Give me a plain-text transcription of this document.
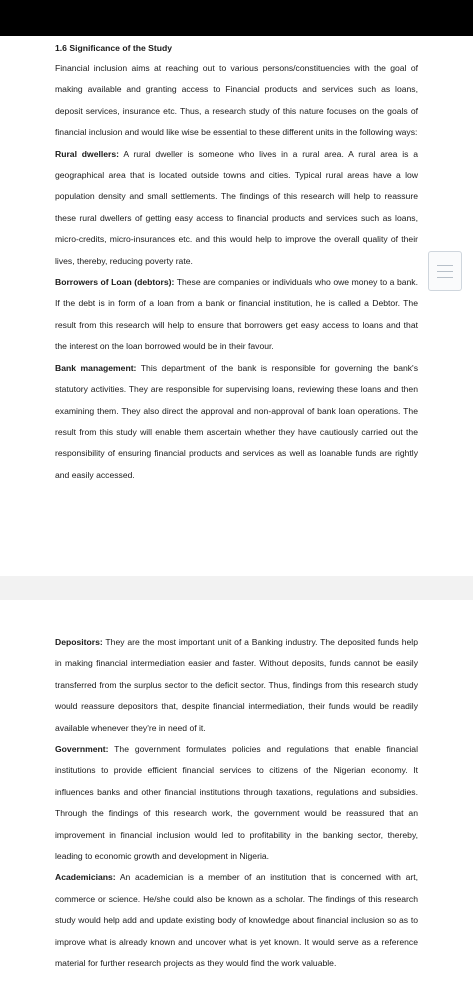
1.6 Significance of the Study

Financial inclusion aims at reaching out to various persons/constituencies with the goal of making available and granting access to Financial products and services such as loans, deposit services, insurance etc. Thus, a research study of this nature focuses on the goals of financial inclusion and would like wise be essential to these different units in the following ways:

Rural dwellers: A rural dweller is someone who lives in a rural area. A rural area is a geographical area that is located outside towns and cities. Typical rural areas have a low population density and small settlements. The findings of this research will help to reassure these rural dwellers of getting easy access to financial products and services such as loans, micro-credits, micro-insurances etc. and this would help to improve the overall quality of their lives, thereby, reducing poverty rate.

Borrowers of Loan (debtors): These are companies or individuals who owe money to a bank. If the debt is in form of a loan from a bank or financial institution, he is called a Debtor. The result from this research will help to ensure that borrowers get easy access to loans and that the interest on the loan borrowed would be in their favour.

Bank management: This department of the bank is responsible for governing the bank's statutory activities. They are responsible for supervising loans, reviewing these loans and then examining them. They also direct the approval and non-approval of bank loan operations. The result from this study will enable them ascertain whether they have cautiously carried out the responsibility of ensuring financial products and services as well as loanable funds are rightly and easily accessed.

Depositors: They are the most important unit of a Banking industry. The deposited funds help in making financial intermediation easier and faster. Without deposits, funds cannot be easily transferred from the surplus sector to the deficit sector. Thus, findings from this research study would reassure depositors that, despite financial intermediation, their funds would be readily available whenever they're in need of it.

Government: The government formulates policies and regulations that enable financial institutions to provide efficient financial services to citizens of the Nigerian economy. It influences banks and other financial institutions through taxations, regulations and subsidies. Through the findings of this research work, the government would be reassured that an improvement in financial inclusion would led to profitability in the banking sector, thereby, leading to economic growth and development in Nigeria.

Academicians: An academician is a member of an institution that is concerned with art, commerce or science. He/she could also be known as a scholar. The findings of this research study would help add and update existing body of knowledge about financial inclusion so as to improve what is already known and uncover what is yet known. It would serve as a reference material for further research projects as they would find the work valuable.
